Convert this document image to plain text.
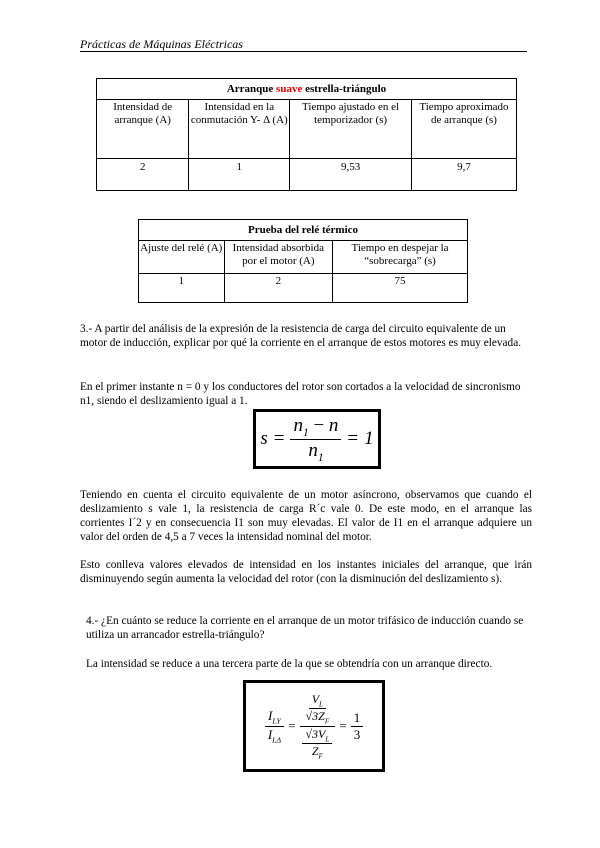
Prácticas de Máquinas Eléctricas
Arranque suave estrella-triángulo			
Intensidad de arranque (A)	Intensidad en la conmutación Y- Δ (A)	Tiempo ajustado en el temporizador (s)	Tiempo aproximado de arranque (s)
2	1	9,53	9,7
Prueba del relé térmico		
Ajuste del relé (A)	Intensidad absorbida por el motor (A)	Tiempo en despejar la “sobrecarga” (s)
1	2	75
3.- A partir del análisis de la expresión de la resistencia de carga del circuito equivalente de un motor de inducción, explicar por qué la corriente en el arranque de estos motores es muy elevada.
En el primer instante n = 0 y los conductores del rotor son cortados a la velocidad de sincronismo n1, siendo el deslizamiento igual a 1.
$s = \frac{n_1 - n}{n_1} = 1$
Teniendo en cuenta el circuito equivalente de un motor asíncrono, observamos que cuando el deslizamiento s vale 1, la resistencia de carga R´c vale 0. De este modo, en el arranque las corrientes I´2 y en consecuencia I1 son muy elevadas. El valor de I1 en el arranque adquiere un valor del orden de 4,5 a 7 veces la intensidad nominal del motor.
Esto conlleva valores elevados de intensidad en los instantes iniciales del arranque, que irán disminuyendo según aumenta la velocidad del rotor (con la disminución del deslizamiento s).
4.- ¿En cuánto se reduce la corriente en el arranque de un motor trifásico de inducción cuando se utiliza un arrancador estrella-triángulo?
La intensidad se reduce a una tercera parte de la que se obtendría con un arranque directo.
$\frac{I_{LY}}{I_{L\Delta}} = \frac{\frac{V_L}{√3Z_F}}{\frac{√3V_L}{Z_F}} = \frac{1}{3}$
